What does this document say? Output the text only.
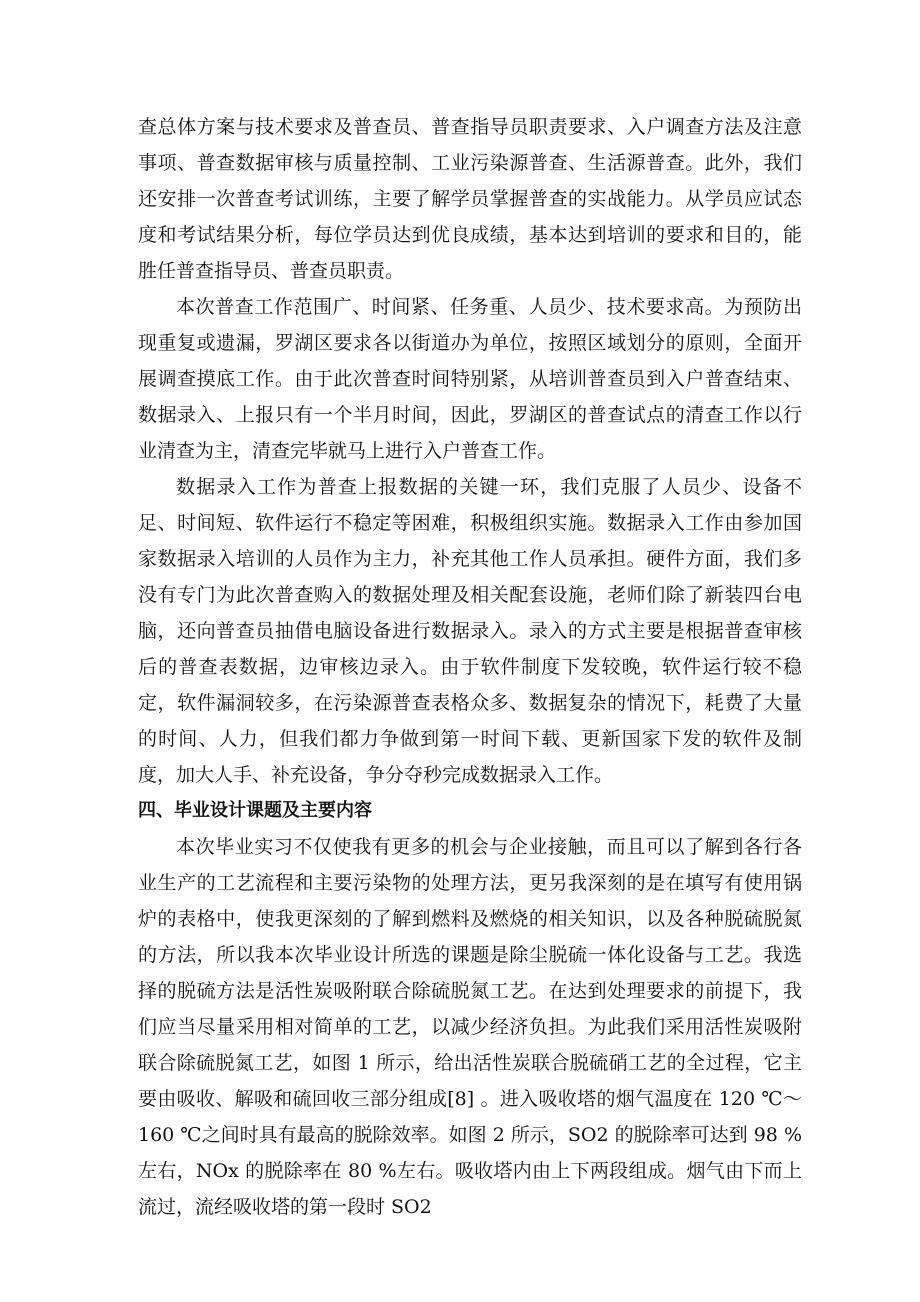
查总体方案与技术要求及普查员、普查指导员职责要求、入户调查方法及注意事项、普查数据审核与质量控制、工业污染源普查、生活源普查。此外，我们还安排一次普查考试训练，主要了解学员掌握普查的实战能力。从学员应试态度和考试结果分析，每位学员达到优良成绩，基本达到培训的要求和目的，能胜任普查指导员、普查员职责。

本次普查工作范围广、时间紧、任务重、人员少、技术要求高。为预防出现重复或遗漏，罗湖区要求各以街道办为单位，按照区域划分的原则，全面开展调查摸底工作。由于此次普查时间特别紧，从培训普查员到入户普查结束、数据录入、上报只有一个半月时间，因此，罗湖区的普查试点的清查工作以行业清查为主，清查完毕就马上进行入户普查工作。

数据录入工作为普查上报数据的关键一环，我们克服了人员少、设备不足、时间短、软件运行不稳定等困难，积极组织实施。数据录入工作由参加国家数据录入培训的人员作为主力，补充其他工作人员承担。硬件方面，我们多没有专门为此次普查购入的数据处理及相关配套设施，老师们除了新装四台电脑，还向普查员抽借电脑设备进行数据录入。录入的方式主要是根据普查审核后的普查表数据，边审核边录入。由于软件制度下发较晚，软件运行较不稳定，软件漏洞较多，在污染源普查表格众多、数据复杂的情况下，耗费了大量的时间、人力，但我们都力争做到第一时间下载、更新国家下发的软件及制度，加大人手、补充设备，争分夺秒完成数据录入工作。

四、毕业设计课题及主要内容

本次毕业实习不仅使我有更多的机会与企业接触，而且可以了解到各行各业生产的工艺流程和主要污染物的处理方法，更另我深刻的是在填写有使用锅炉的表格中，使我更深刻的了解到燃料及燃烧的相关知识，以及各种脱硫脱氮的方法，所以我本次毕业设计所选的课题是除尘脱硫一体化设备与工艺。我选择的脱硫方法是活性炭吸附联合除硫脱氮工艺。在达到处理要求的前提下，我们应当尽量采用相对简单的工艺，以减少经济负担。为此我们采用活性炭吸附联合除硫脱氮工艺，如图 1 所示，给出活性炭联合脱硫硝工艺的全过程，它主要由吸收、解吸和硫回收三部分组成[8] 。进入吸收塔的烟气温度在 120 ℃～160 ℃之间时具有最高的脱除效率。如图 2 所示，SO2 的脱除率可达到 98 %左右，NOx 的脱除率在 80 %左右。吸收塔内由上下两段组成。烟气由下而上流过，流经吸收塔的第一段时 SO2
